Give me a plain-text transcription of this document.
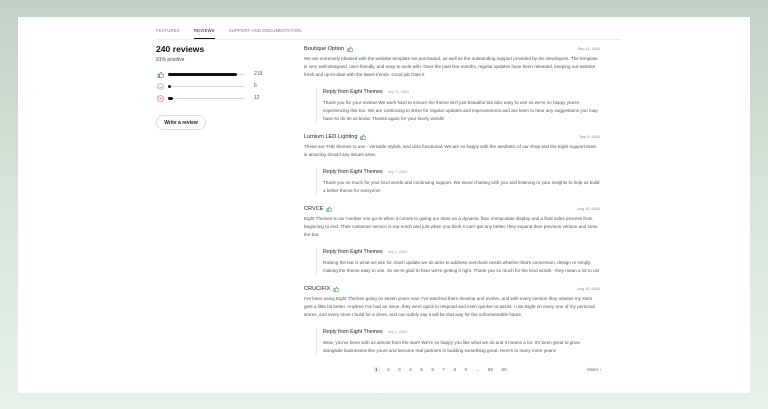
FEATURES	REVIEWS	SUPPORT AND DOCUMENTATION
240 reviews
91% positive
219
6
12
Write a review
Boutique Option	Sep 11, 2024
We are extremely pleased with the website template we purchased, as well as the outstanding support provided by the developers. The template is very well-designed, user-friendly, and easy to work with. Over the past few months, regular updates have been released, keeping our website fresh and up-to-date with the latest trends. Good job Date it
Reply from Eight Themes Sep 11, 2024
Thank you for your review! We work hard to ensure the theme isn't just beautiful but also easy to use so we're so happy you're experiencing this too. We are continuing to strive for regular updates and improvements and are keen to hear any suggestions you may have so do let us know. Thanks again for your lovely words!
Lumium LED Lighting	Sep 5, 2024
These are THE themes to use - versatile stylish, and ultra functional. We are so happy with the aesthetic of our shop and the Eight support team is amazing should any issues arise.
Reply from Eight Themes Sep 7, 2024
Thank you so much for your kind words and continuing support. We loved chatting with you and listening to your insights to help us build a better theme for everyone!
CRVCE	Aug 30, 2024
Eight Themes is our number one go-to when it comes to giving our store an a dynamic flow, immaculate display and a fluid sales process from beginning to end. Their customer service is top-notch and just when you think it can't get any better, they expand their previous version and raise the bar.
Reply from Eight Themes Sep 2, 2024
Raising the bar is what we aim for. Each update we do aims to address merchant needs whether that's conversion, design or simply making the theme easy to use. So we're glad to hear we're getting it right. Thank you so much for the kind words - they mean a lot to us!
CRUCIFIX	Aug 30, 2024
I've been using Eight Themes going on seven years now. I've watched them develop and evolve, and with every version they release my store gets a little bit better. Anytime I've had an issue, they were quick to respond and even quicker to assist. I use Eight on every one of my personal stores, and every store I build for a client, and can safely say it will be that way for the unforeseeable future.
Reply from Eight Themes Sep 2, 2024
Wow, you've been with us almost from the start! We're so happy you like what we do and it means a lot. It's been great to grow alongside businesses like yours and become real partners in building something great. Here's to many more years!
1	2 3 4 5 6 7 8 9 ... 59 60	Older ›
